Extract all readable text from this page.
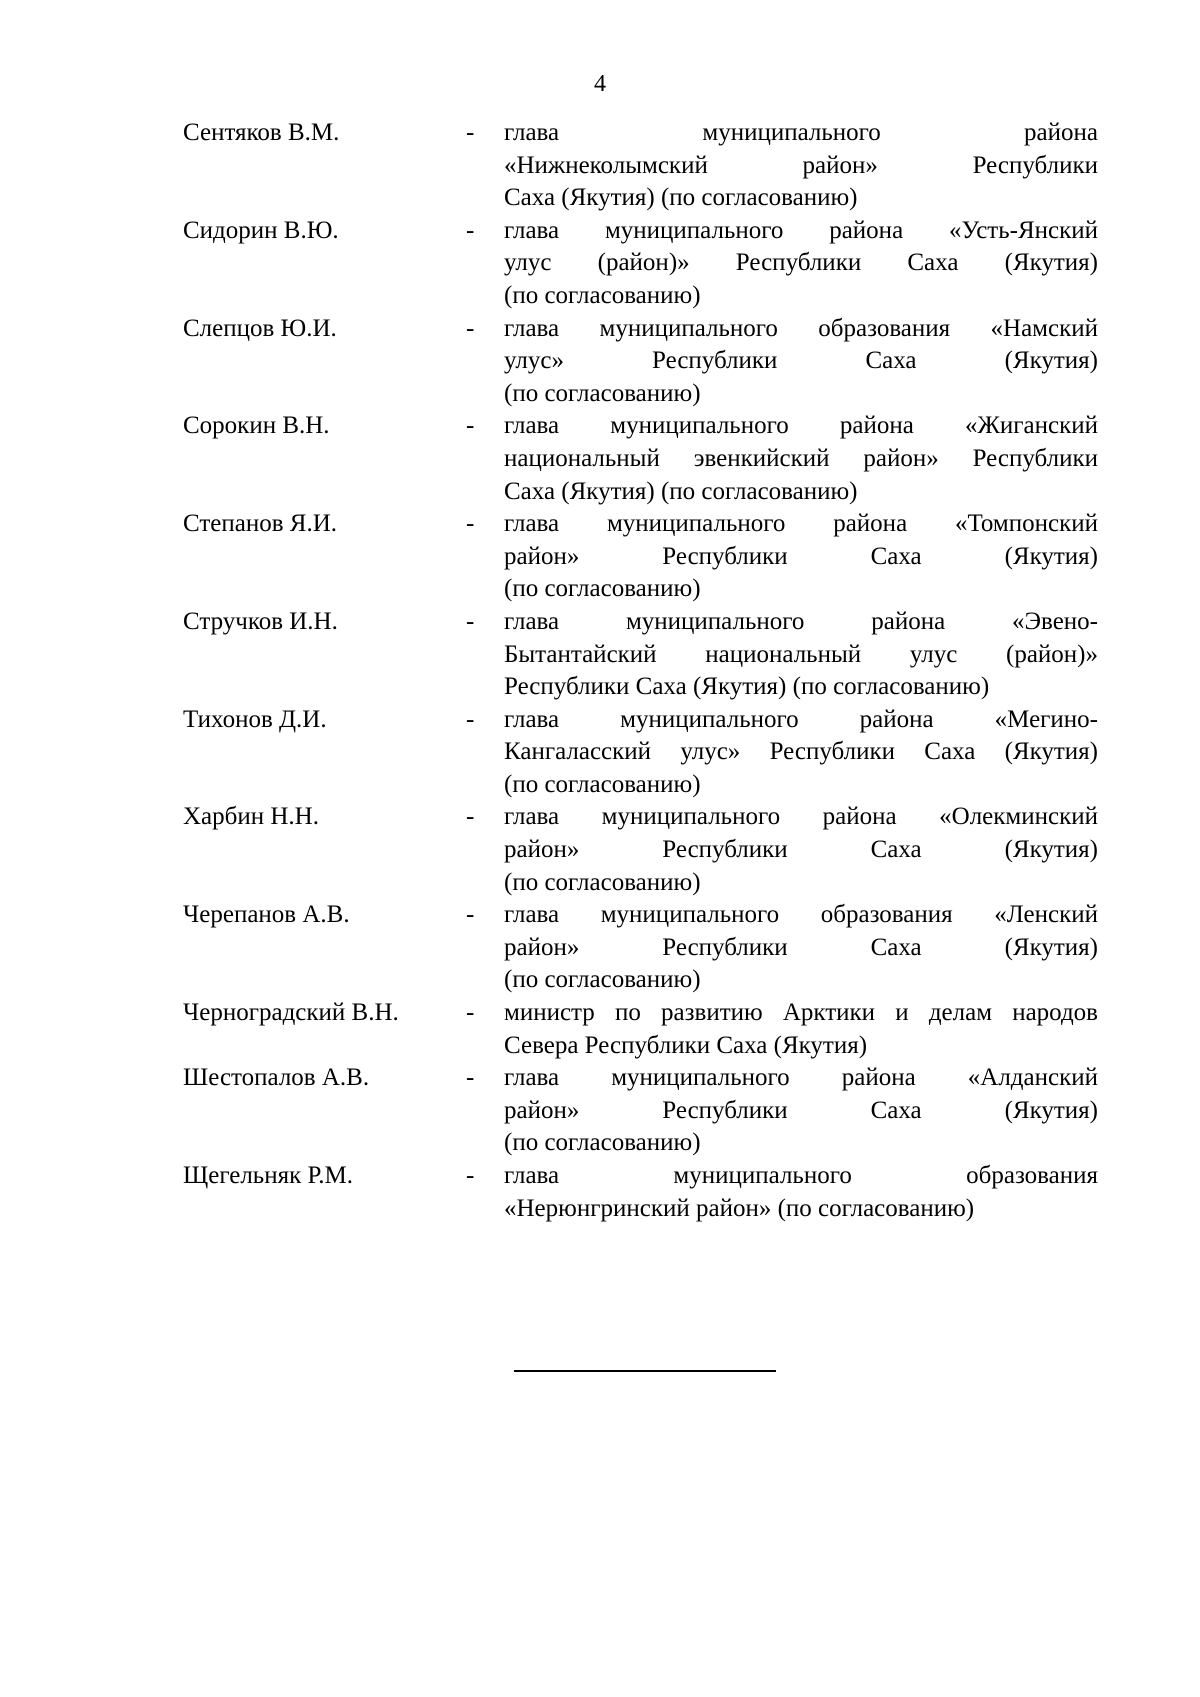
4
Сентяков В.М.	-	глава муниципального района
«Нижнеколымский район» Республики
Саха (Якутия) (по согласованию)
Сидорин В.Ю.	-	глава муниципального района «Усть-Янский
улус (район)» Республики Саха (Якутия)
(по согласованию)
Слепцов Ю.И.	-	глава муниципального образования «Намский
улус» Республики Саха (Якутия)
(по согласованию)
Сорокин В.Н.	-	глава муниципального района «Жиганский
национальный эвенкийский район» Республики
Саха (Якутия) (по согласованию)
Степанов Я.И.	-	глава муниципального района «Томпонский
район» Республики Саха (Якутия)
(по согласованию)
Стручков И.Н.	-	глава муниципального района «Эвено-
Бытантайский национальный улус (район)»
Республики Саха (Якутия) (по согласованию)
Тихонов Д.И.	-	глава муниципального района «Мегино-
Кангаласский улус» Республики Саха (Якутия)
(по согласованию)
Харбин Н.Н.	-	глава муниципального района «Олекминский
район» Республики Саха (Якутия)
(по согласованию)
Черепанов А.В.	-	глава муниципального образования «Ленский
район» Республики Саха (Якутия)
(по согласованию)
Черноградский В.Н.	-	министр по развитию Арктики и делам народов
Севера Республики Саха (Якутия)
Шестопалов А.В.	-	глава муниципального района «Алданский
район» Республики Саха (Якутия)
(по согласованию)
Щегельняк Р.М.	-	глава муниципального образования
«Нерюнгринский район» (по согласованию)
